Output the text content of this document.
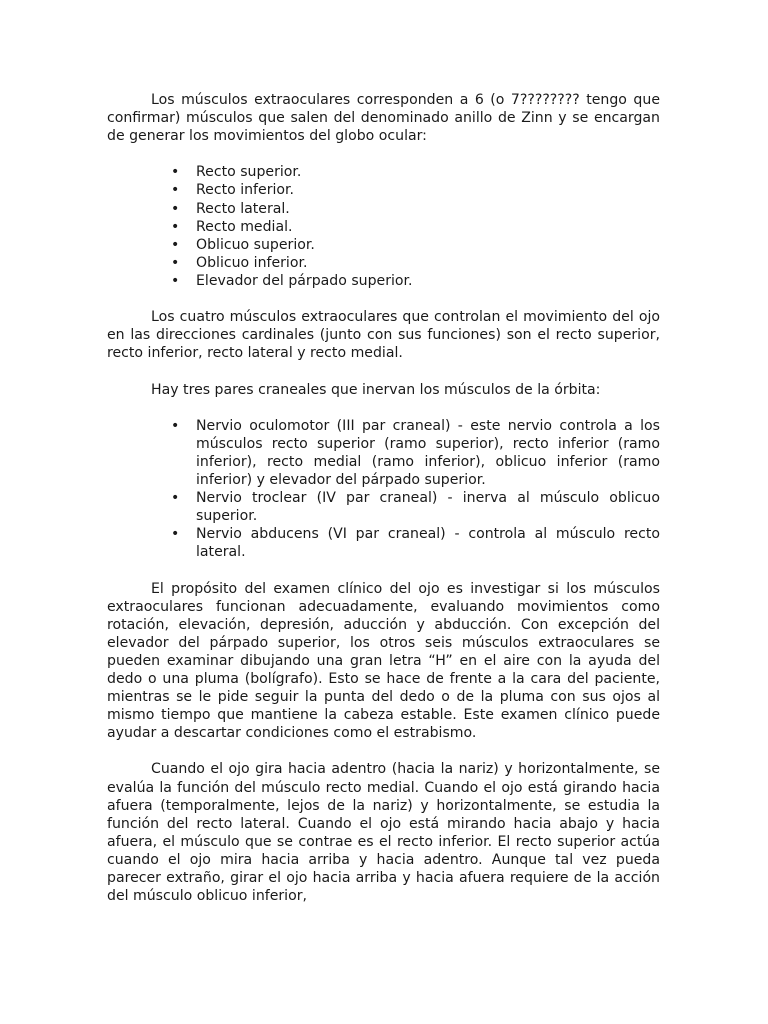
Los músculos extraoculares corresponden a 6 (o 7???????? tengo que confirmar) músculos que salen del denominado anillo de Zinn y se encargan de generar los movimientos del globo ocular:

• Recto superior.
• Recto inferior.
• Recto lateral.
• Recto medial.
• Oblicuo superior.
• Oblicuo inferior.
• Elevador del párpado superior.

Los cuatro músculos extraoculares que controlan el movimiento del ojo en las direcciones cardinales (junto con sus funciones) son el recto superior, recto inferior, recto lateral y recto medial.

Hay tres pares craneales que inervan los músculos de la órbita:

• Nervio oculomotor (III par craneal) - este nervio controla a los músculos recto superior (ramo superior), recto inferior (ramo inferior), recto medial (ramo inferior), oblicuo inferior (ramo inferior) y elevador del párpado superior.
• Nervio troclear (IV par craneal) - inerva al músculo oblicuo superior.
• Nervio abducens (VI par craneal) - controla al músculo recto lateral.

El propósito del examen clínico del ojo es investigar si los músculos extraoculares funcionan adecuadamente, evaluando movimientos como rotación, elevación, depresión, aducción y abducción. Con excepción del elevador del párpado superior, los otros seis músculos extraoculares se pueden examinar dibujando una gran letra “H” en el aire con la ayuda del dedo o una pluma (bolígrafo). Esto se hace de frente a la cara del paciente, mientras se le pide seguir la punta del dedo o de la pluma con sus ojos al mismo tiempo que mantiene la cabeza estable. Este examen clínico puede ayudar a descartar condiciones como el estrabismo.

Cuando el ojo gira hacia adentro (hacia la nariz) y horizontalmente, se evalúa la función del músculo recto medial. Cuando el ojo está girando hacia afuera (temporalmente, lejos de la nariz) y horizontalmente, se estudia la función del recto lateral. Cuando el ojo está mirando hacia abajo y hacia afuera, el músculo que se contrae es el recto inferior. El recto superior actúa cuando el ojo mira hacia arriba y hacia adentro. Aunque tal vez pueda parecer extraño, girar el ojo hacia arriba y hacia afuera requiere de la acción del músculo oblicuo inferior,
